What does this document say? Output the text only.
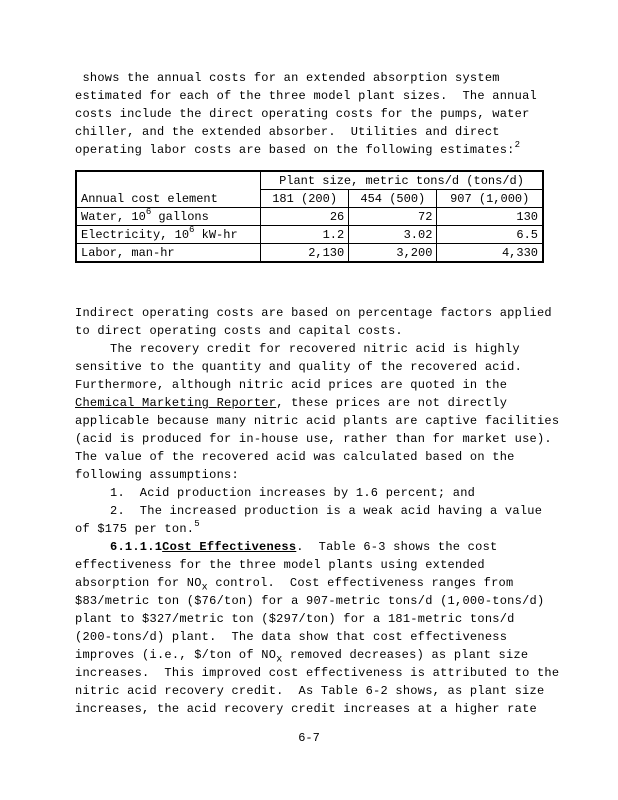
shows the annual costs for an extended absorption system
estimated for each of the three model plant sizes.  The annual
costs include the direct operating costs for the pumps, water
chiller, and the extended absorber.  Utilities and direct
operating labor costs are based on the following estimates:$^2$
Annual cost element	Plant size, metric tons/d (tons/d)		
	181 (200)	454 (500)	907 (1,000)
Water, $10^6$ gallons	26	72	130
Electricity, $10^6$ kW-hr	1.2	3.02	6.5
Labor, man-hr	2,130	3,200	4,330
Indirect operating costs are based on percentage factors applied
to direct operating costs and capital costs.
The recovery credit for recovered nitric acid is highly
sensitive to the quantity and quality of the recovered acid.
Furthermore, although nitric acid prices are quoted in the
Chemical Marketing Reporter, these prices are not directly
applicable because many nitric acid plants are captive facilities
(acid is produced for in-house use, rather than for market use).
The value of the recovered acid was calculated based on the
following assumptions:
1.  Acid production increases by 1.6 percent; and
2.  The increased production is a weak acid having a value
of $175 per ton.$^5$
6.1.1.1Cost Effectiveness.  Table 6-3 shows the cost
effectiveness for the three model plants using extended
absorption for $NO_x$ control.  Cost effectiveness ranges from
$83/metric ton ($76/ton) for a 907-metric tons/d (1,000-tons/d)
plant to $327/metric ton ($297/ton) for a 181-metric tons/d
(200-tons/d) plant.  The data show that cost effectiveness
improves (i.e., $/ton of $NO_x$ removed decreases) as plant size
increases.  This improved cost effectiveness is attributed to the
nitric acid recovery credit.  As Table 6-2 shows, as plant size
increases, the acid recovery credit increases at a higher rate
6-7
